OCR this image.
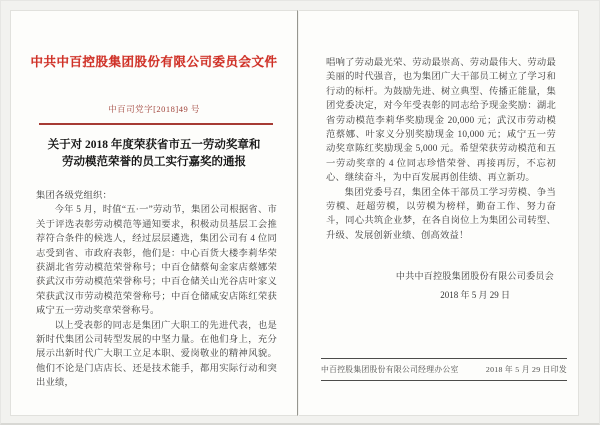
中共中百控股集团股份有限公司委员会文件
中百司党字[2018]49 号
关于对 2018 年度荣获省市五一劳动奖章和
劳动模范荣誉的员工实行嘉奖的通报

集团各级党组织：

今年 5 月，时值“五·一”劳动节，集团公司根据省、市关于评选表彰劳动模范等通知要求，积极动员基层工会推荐符合条件的候选人，经过层层遴选，集团公司有 4 位同志受到省、市政府表彰，他们是：中心百货大楼李莉华荣获湖北省劳动模范荣誉称号；中百仓储蔡甸金家店蔡娜荣获武汉市劳动模范荣誉称号；中百仓储关山光谷店叶家义荣获武汉市劳动模范荣誉称号；中百仓储咸安店陈红荣获咸宁五一劳动奖章荣誉称号。

以上受表彰的同志是集团广大职工的先进代表，也是新时代集团公司转型发展的中坚力量。在他们身上，充分展示出新时代广大职工立足本职、爱岗敬业的精神风貌。他们不论是门店店长、还是技术能手，都用实际行动和突出业绩，

唱响了劳动最光荣、劳动最崇高、劳动最伟大、劳动最美丽的时代强音，也为集团广大干部员工树立了学习和行动的标杆。为鼓励先进、树立典型、传播正能量，集团党委决定，对今年受表彰的同志给予现金奖励：湖北省劳动模范李莉华奖励现金 20,000 元；武汉市劳动模范蔡娜、叶家义分别奖励现金 10,000 元；咸宁五一劳动奖章陈红奖励现金 5,000 元。希望荣获劳动模范和五一劳动奖章的 4 位同志珍惜荣誉、再接再厉，不忘初心、继续奋斗，为中百发展再创佳绩、再立新功。

集团党委号召，集团全体干部员工学习劳模、争当劳模、赶超劳模，以劳模为榜样，勤奋工作、努力奋斗，同心共筑企业梦，在各自岗位上为集团公司转型、升级、发展创新业绩、创高效益！

中共中百控股集团股份有限公司委员会
2018 年 5 月 29 日
中百控股集团股份有限公司经理办公室	2018 年 5 月 29 日印发
